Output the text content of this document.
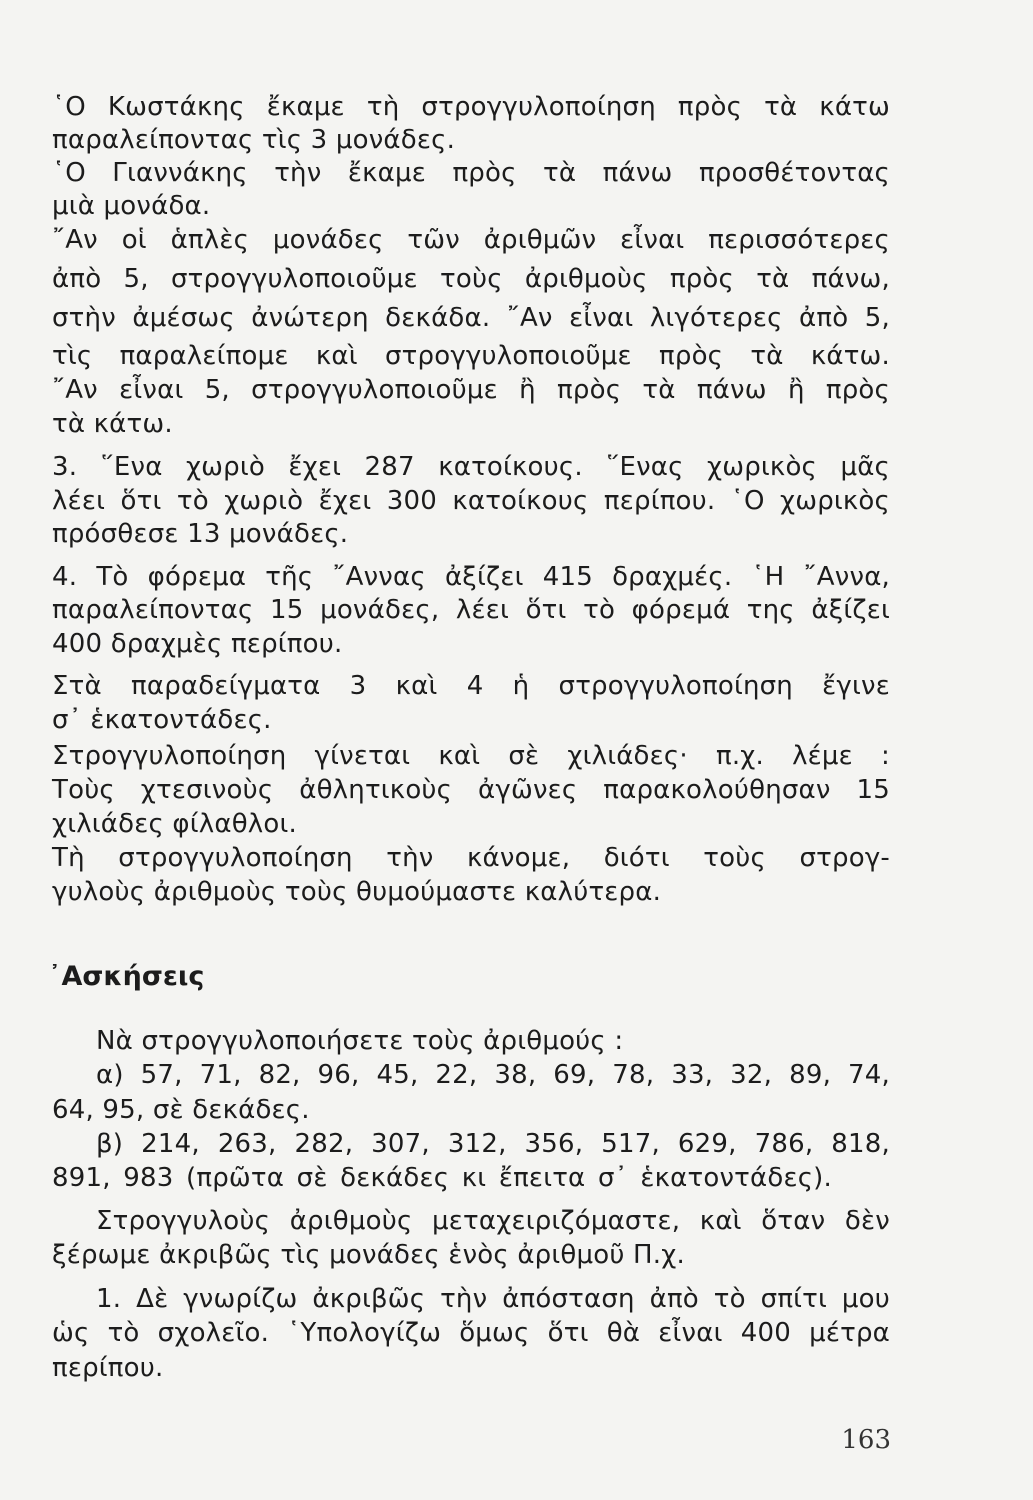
῾Ο Κωστάκης ἔκαμε τὴ στρογγυλοποίηση πρὸς τὰ κάτω
παραλείποντας τὶς 3 μονάδες.
῾Ο Γιαννάκης τὴν ἔκαμε πρὸς τὰ πάνω προσθέτοντας
μιὰ μονάδα.
῎Αν οἱ ἁπλὲς μονάδες τῶν ἀριθμῶν εἶναι περισσότερες
ἀπὸ 5, στρογγυλοποιοῦμε τοὺς ἀριθμοὺς πρὸς τὰ πάνω,
στὴν ἀμέσως ἀνώτερη δεκάδα. ῎Αν εἶναι λιγότερες ἀπὸ 5,
τὶς παραλείπομε καὶ στρογγυλοποιοῦμε πρὸς τὰ κάτω.
῎Αν εἶναι 5, στρογγυλοποιοῦμε ἢ πρὸς τὰ πάνω ἢ πρὸς
τὰ κάτω.
3. ῞Ενα χωριὸ ἔχει 287 κατοίκους. ῞Ενας χωρικὸς μᾶς
λέει ὅτι τὸ χωριὸ ἔχει 300 κατοίκους περίπου. ῾Ο χωρικὸς
πρόσθεσε 13 μονάδες.
4. Τὸ φόρεμα τῆς ῎Αννας ἀξίζει 415 δραχμές. ῾Η ῎Αννα,
παραλείποντας 15 μονάδες, λέει ὅτι τὸ φόρεμά της ἀξίζει
400 δραχμὲς περίπου.
Στὰ παραδείγματα 3 καὶ 4 ἡ στρογγυλοποίηση ἔγινε
σ᾽ ἑκατοντάδες.
Στρογγυλοποίηση γίνεται καὶ σὲ χιλιάδες· π.χ. λέμε :
Τοὺς χτεσινοὺς ἀθλητικοὺς ἀγῶνες παρακολούθησαν 15
χιλιάδες φίλαθλοι.
Τὴ στρογγυλοποίηση τὴν κάνομε, διότι τοὺς στρογ-
γυλοὺς ἀριθμοὺς τοὺς θυμούμαστε καλύτερα.
᾽Ασκήσεις
Νὰ στρογγυλοποιήσετε τοὺς ἀριθμούς :
α) 57, 71, 82, 96, 45, 22, 38, 69, 78, 33, 32, 89, 74,
64, 95, σὲ δεκάδες.
β) 214, 263, 282, 307, 312, 356, 517, 629, 786, 818,
891, 983 (πρῶτα σὲ δεκάδες κι ἔπειτα σ᾽ ἑκατοντάδες).
Στρογγυλοὺς ἀριθμοὺς μεταχειριζόμαστε, καὶ ὅταν δὲν
ξέρωμε ἀκριβῶς τὶς μονάδες ἑνὸς ἀριθμοῦ Π.χ.
1. Δὲ γνωρίζω ἀκριβῶς τὴν ἀπόσταση ἀπὸ τὸ σπίτι μου
ὡς τὸ σχολεῖο. ῾Υπολογίζω ὅμως ὅτι θὰ εἶναι 400 μέτρα
περίπου.
163
